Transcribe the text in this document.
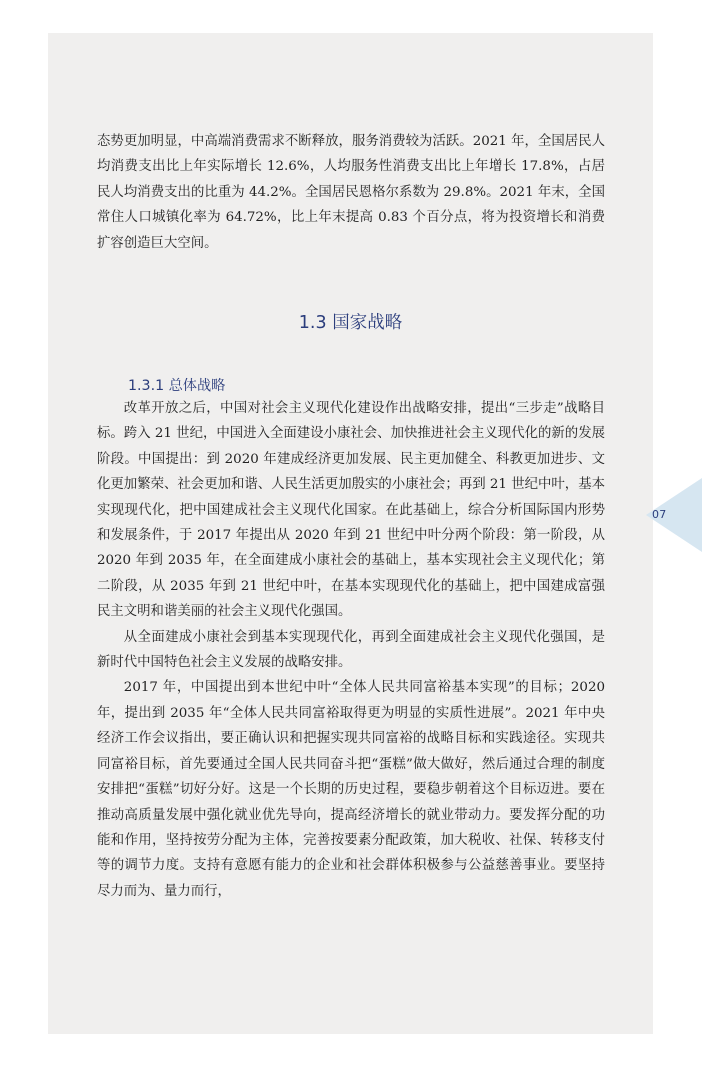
态势更加明显，中高端消费需求不断释放，服务消费较为活跃。2021 年，全国居民人均消费支出比上年实际增长 12.6%，人均服务性消费支出比上年增长 17.8%，占居民人均消费支出的比重为 44.2%。全国居民恩格尔系数为 29.8%。2021 年末，全国常住人口城镇化率为 64.72%，比上年末提高 0.83 个百分点，将为投资增长和消费扩容创造巨大空间。

1.3 国家战略
1.3.1 总体战略

改革开放之后，中国对社会主义现代化建设作出战略安排，提出“三步走”战略目标。跨入 21 世纪，中国进入全面建设小康社会、加快推进社会主义现代化的新的发展阶段。中国提出：到 2020 年建成经济更加发展、民主更加健全、科教更加进步、文化更加繁荣、社会更加和谐、人民生活更加殷实的小康社会；再到 21 世纪中叶，基本实现现代化，把中国建成社会主义现代化国家。在此基础上，综合分析国际国内形势和发展条件，于 2017 年提出从 2020 年到 21 世纪中叶分两个阶段：第一阶段，从 2020 年到 2035 年，在全面建成小康社会的基础上，基本实现社会主义现代化；第二阶段，从 2035 年到 21 世纪中叶，在基本实现现代化的基础上，把中国建成富强民主文明和谐美丽的社会主义现代化强国。

从全面建成小康社会到基本实现现代化，再到全面建成社会主义现代化强国，是新时代中国特色社会主义发展的战略安排。

2017 年，中国提出到本世纪中叶“全体人民共同富裕基本实现”的目标；2020 年，提出到 2035 年“全体人民共同富裕取得更为明显的实质性进展”。2021 年中央经济工作会议指出，要正确认识和把握实现共同富裕的战略目标和实践途径。实现共同富裕目标，首先要通过全国人民共同奋斗把“蛋糕”做大做好，然后通过合理的制度安排把“蛋糕”切好分好。这是一个长期的历史过程，要稳步朝着这个目标迈进。要在推动高质量发展中强化就业优先导向，提高经济增长的就业带动力。要发挥分配的功能和作用，坚持按劳分配为主体，完善按要素分配政策，加大税收、社保、转移支付等的调节力度。支持有意愿有能力的企业和社会群体积极参与公益慈善事业。要坚持尽力而为、量力而行，

07
